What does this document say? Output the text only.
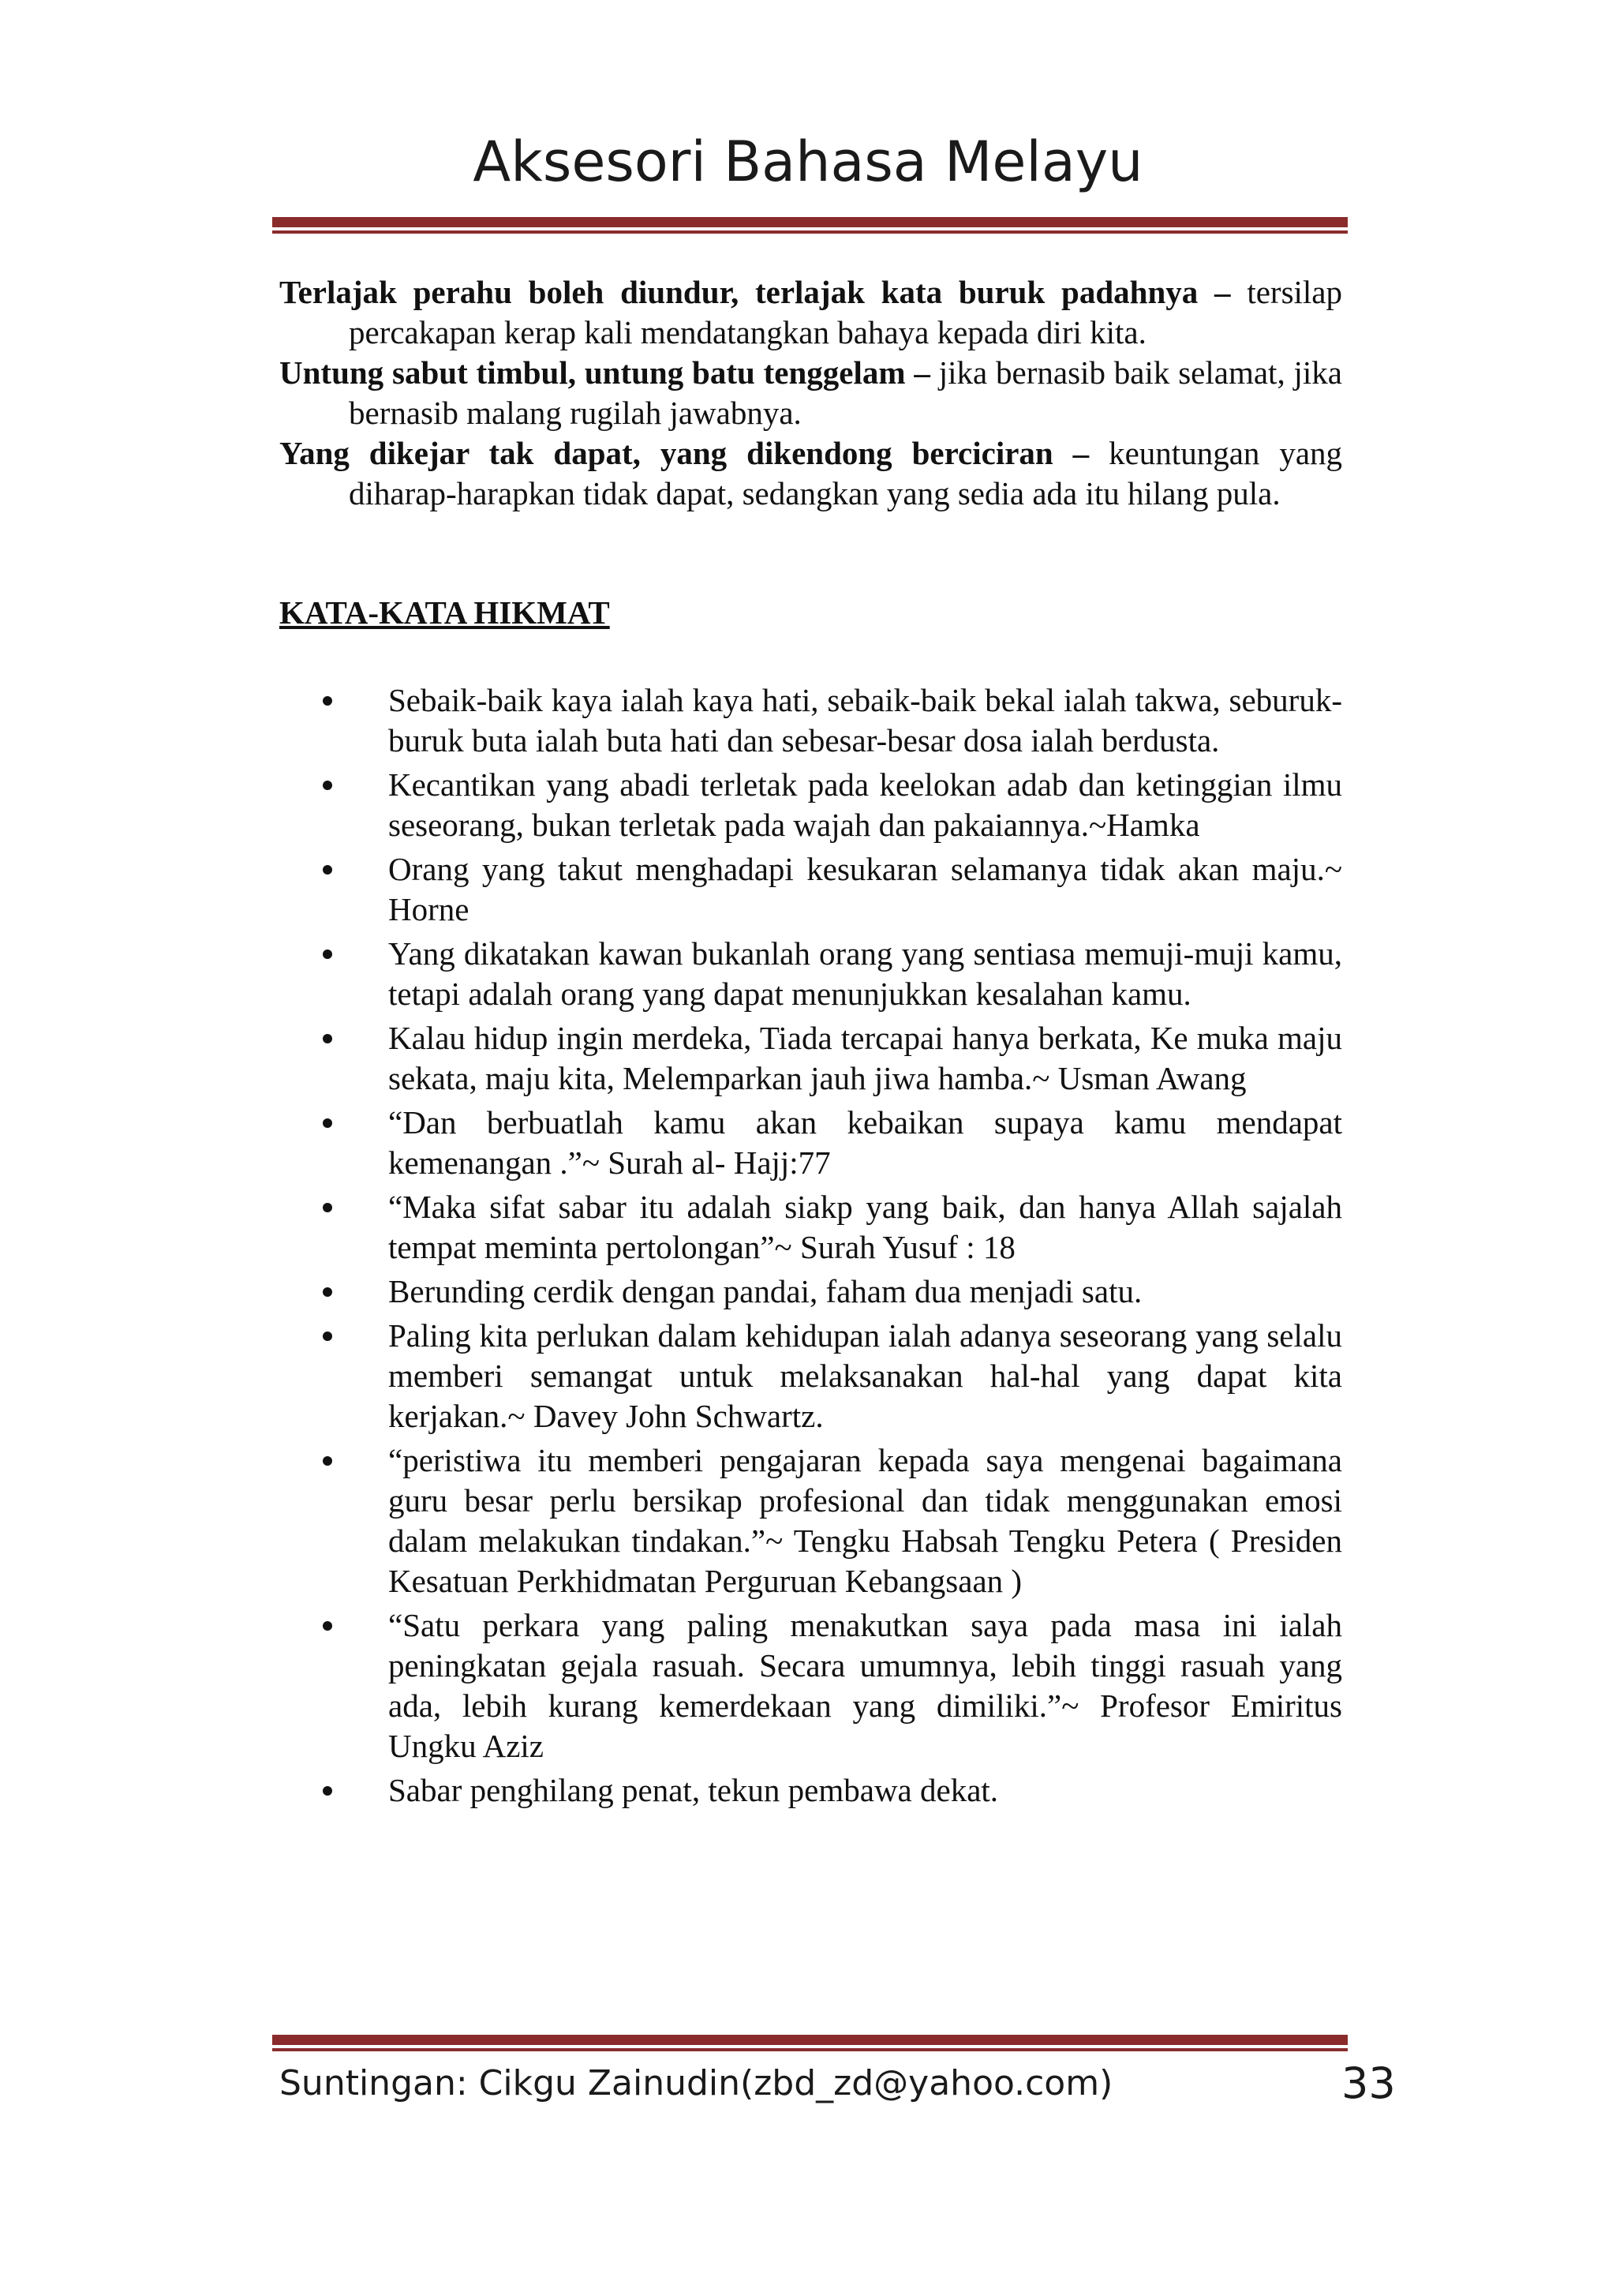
Aksesori Bahasa Melayu

Terlajak perahu boleh diundur, terlajak kata buruk padahnya – tersilap percakapan kerap kali mendatangkan bahaya kepada diri kita.

Untung sabut timbul, untung batu tenggelam – jika bernasib baik selamat, jika bernasib malang rugilah jawabnya.

Yang dikejar tak dapat, yang dikendong berciciran – keuntungan yang diharap-harapkan tidak dapat, sedangkan yang sedia ada itu hilang pula.

KATA-KATA HIKMAT
Sebaik-baik kaya ialah kaya hati, sebaik-baik bekal ialah takwa, seburuk-buruk buta ialah buta hati dan sebesar-besar dosa ialah berdusta.
Kecantikan yang abadi terletak pada keelokan adab dan ketinggian ilmu seseorang, bukan terletak pada wajah dan pakaiannya.~Hamka
Orang yang takut menghadapi kesukaran selamanya tidak akan maju.~ Horne
Yang dikatakan kawan bukanlah orang yang sentiasa memuji-muji kamu, tetapi adalah orang yang dapat menunjukkan kesalahan kamu.
Kalau hidup ingin merdeka, Tiada tercapai hanya berkata, Ke muka maju sekata, maju kita, Melemparkan jauh jiwa hamba.~ Usman Awang
“Dan berbuatlah kamu akan kebaikan supaya kamu mendapat kemenangan .”~ Surah al- Hajj:77
“Maka sifat sabar itu adalah siakp yang baik, dan hanya Allah sajalah tempat meminta pertolongan”~ Surah Yusuf : 18
Berunding cerdik dengan pandai, faham dua menjadi satu.
Paling kita perlukan dalam kehidupan ialah adanya seseorang yang selalu memberi semangat untuk melaksanakan hal-hal yang dapat kita kerjakan.~ Davey John Schwartz.
“peristiwa itu memberi pengajaran kepada saya mengenai bagaimana guru besar perlu bersikap profesional dan tidak menggunakan emosi dalam melakukan tindakan.”~ Tengku Habsah Tengku Petera ( Presiden Kesatuan Perkhidmatan Perguruan Kebangsaan )
“Satu perkara yang paling menakutkan saya pada masa ini ialah peningkatan gejala rasuah. Secara umumnya, lebih tinggi rasuah yang ada, lebih kurang kemerdekaan yang dimiliki.”~ Profesor Emiritus Ungku Aziz
Sabar penghilang penat, tekun pembawa dekat.
Suntingan: Cikgu Zainudin(zbd_zd@yahoo.com)	33
